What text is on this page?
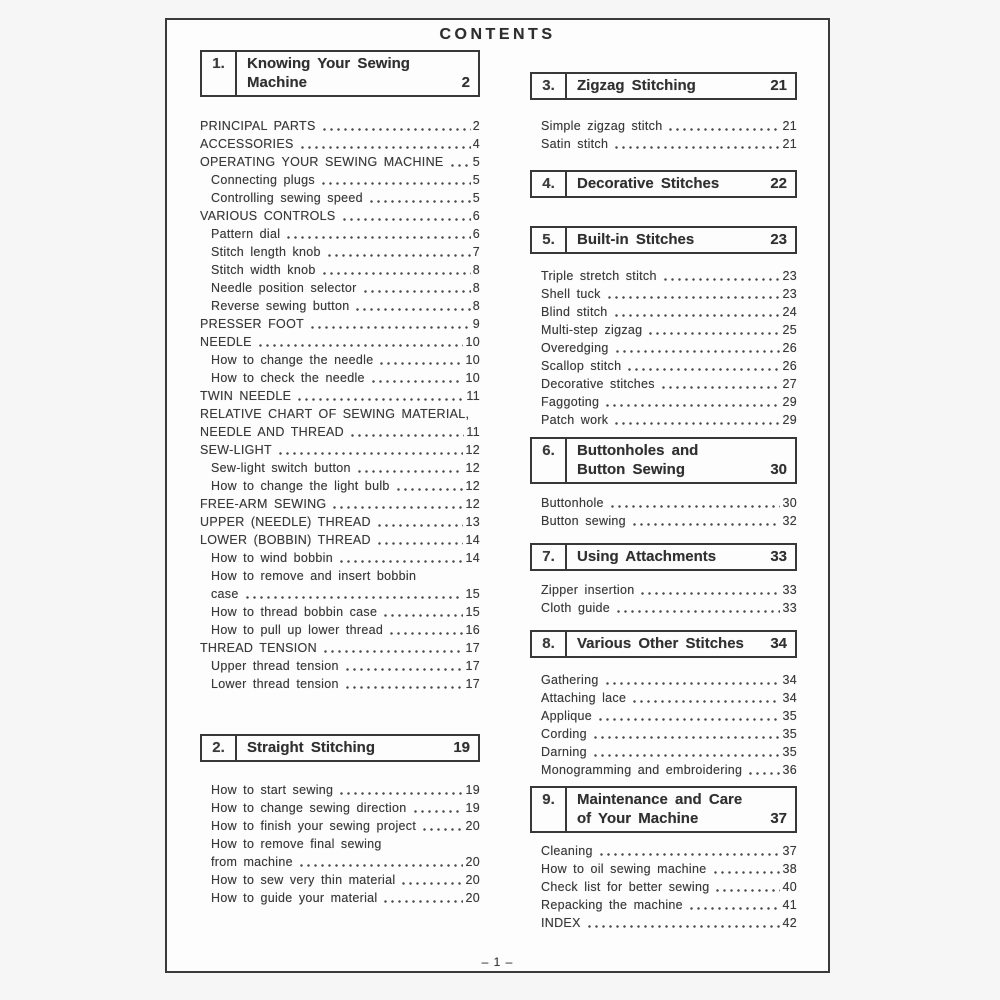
CONTENTS
1.	Knowing Your Sewing
Machine	2
PRINCIPAL PARTS	2
ACCESSORIES	4
OPERATING YOUR SEWING MACHINE 5
Connecting plugs	5
Controlling sewing speed	5
VARIOUS CONTROLS	6
Pattern dial	6
Stitch length knob	7
Stitch width knob	8
Needle position selector	8
Reverse sewing button	8
PRESSER FOOT	9
NEEDLE	10
How to change the needle	10
How to check the needle	10
TWIN NEEDLE	11
RELATIVE CHART OF SEWING MATERIAL,
NEEDLE AND THREAD	11
SEW-LIGHT	12
Sew-light switch button	12
How to change the light bulb	12
FREE-ARM SEWING	12
UPPER (NEEDLE) THREAD	13
LOWER (BOBBIN) THREAD	14
How to wind bobbin	14
How to remove and insert bobbin
case	15
How to thread bobbin case	15
How to pull up lower thread	16
THREAD TENSION	17
Upper thread tension	17
Lower thread tension	17
2.	Straight Stitching	19
How to start sewing	19
How to change sewing direction	19
How to finish your sewing project	20
How to remove final sewing
from machine	20
How to sew very thin material	20
How to guide your material	20
3.	Zigzag Stitching	21
Simple zigzag stitch	21
Satin stitch	21
4.	Decorative Stitches	22
5.	Built-in Stitches	23
Triple stretch stitch	23
Shell tuck	23
Blind stitch	24
Multi-step zigzag	25
Overedging	26
Scallop stitch	26
Decorative stitches	27
Faggoting	29
Patch work	29
6.	Buttonholes and
Button Sewing	30
Buttonhole	30
Button sewing	32
7.	Using Attachments	33
Zipper insertion	33
Cloth guide	33
8.	Various Other Stitches	34
Gathering	34
Attaching lace	34
Applique	35
Cording	35
Darning	35
Monogramming and embroidering	36
9.	Maintenance and Care
of Your Machine	37
Cleaning	37
How to oil sewing machine	38
Check list for better sewing	40
Repacking the machine	41
INDEX	42
– 1 –
